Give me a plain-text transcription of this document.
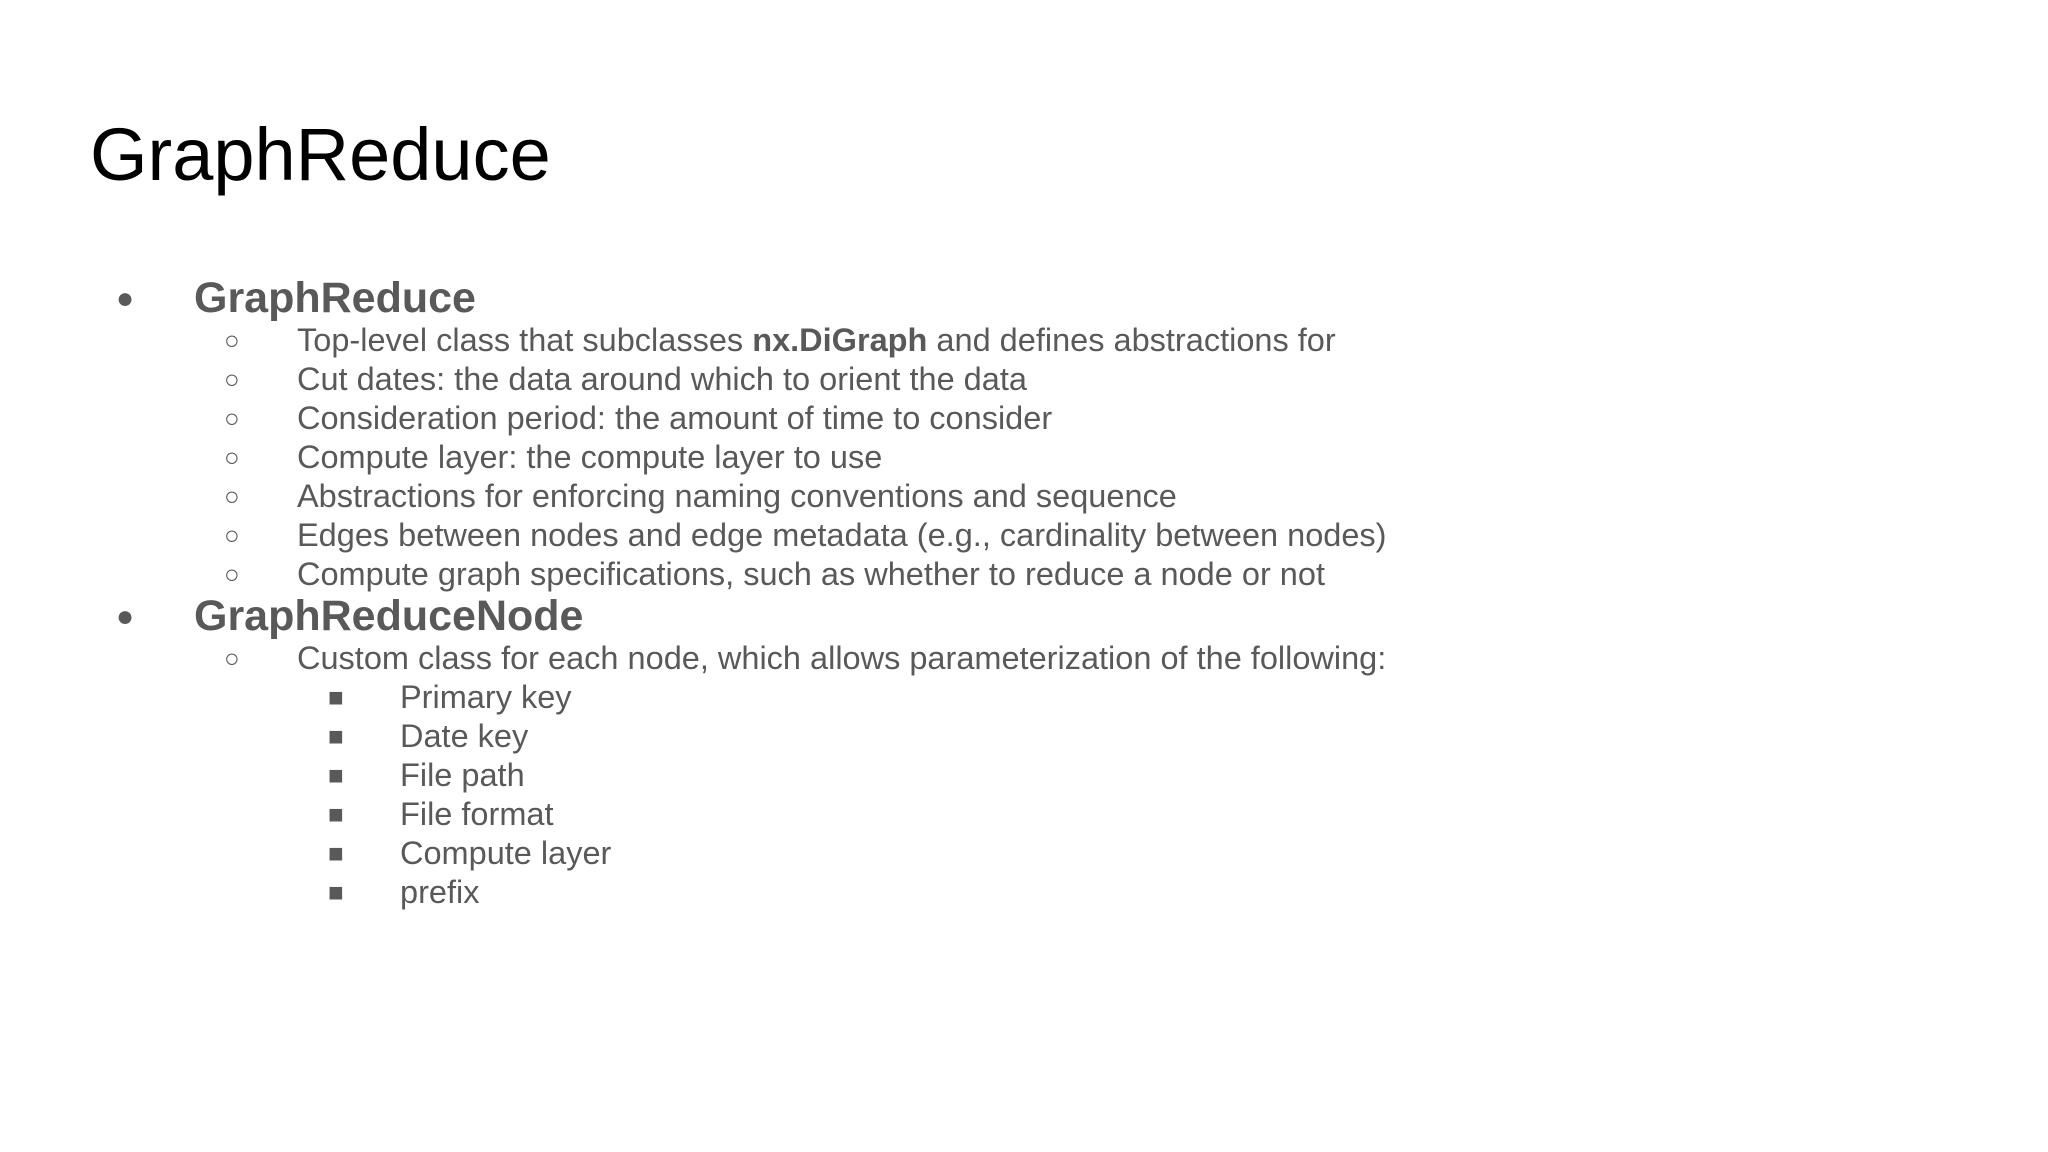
GraphReduce
● GraphReduce
○ Top-level class that subclasses nx.DiGraph and defines abstractions for
○ Cut dates: the data around which to orient the data
○ Consideration period: the amount of time to consider
○ Compute layer: the compute layer to use
○ Abstractions for enforcing naming conventions and sequence
○ Edges between nodes and edge metadata (e.g., cardinality between nodes)
○ Compute graph specifications, such as whether to reduce a node or not
● GraphReduceNode
○ Custom class for each node, which allows parameterization of the following:
■ Primary key
■ Date key
■ File path
■ File format
■ Compute layer
■ prefix
